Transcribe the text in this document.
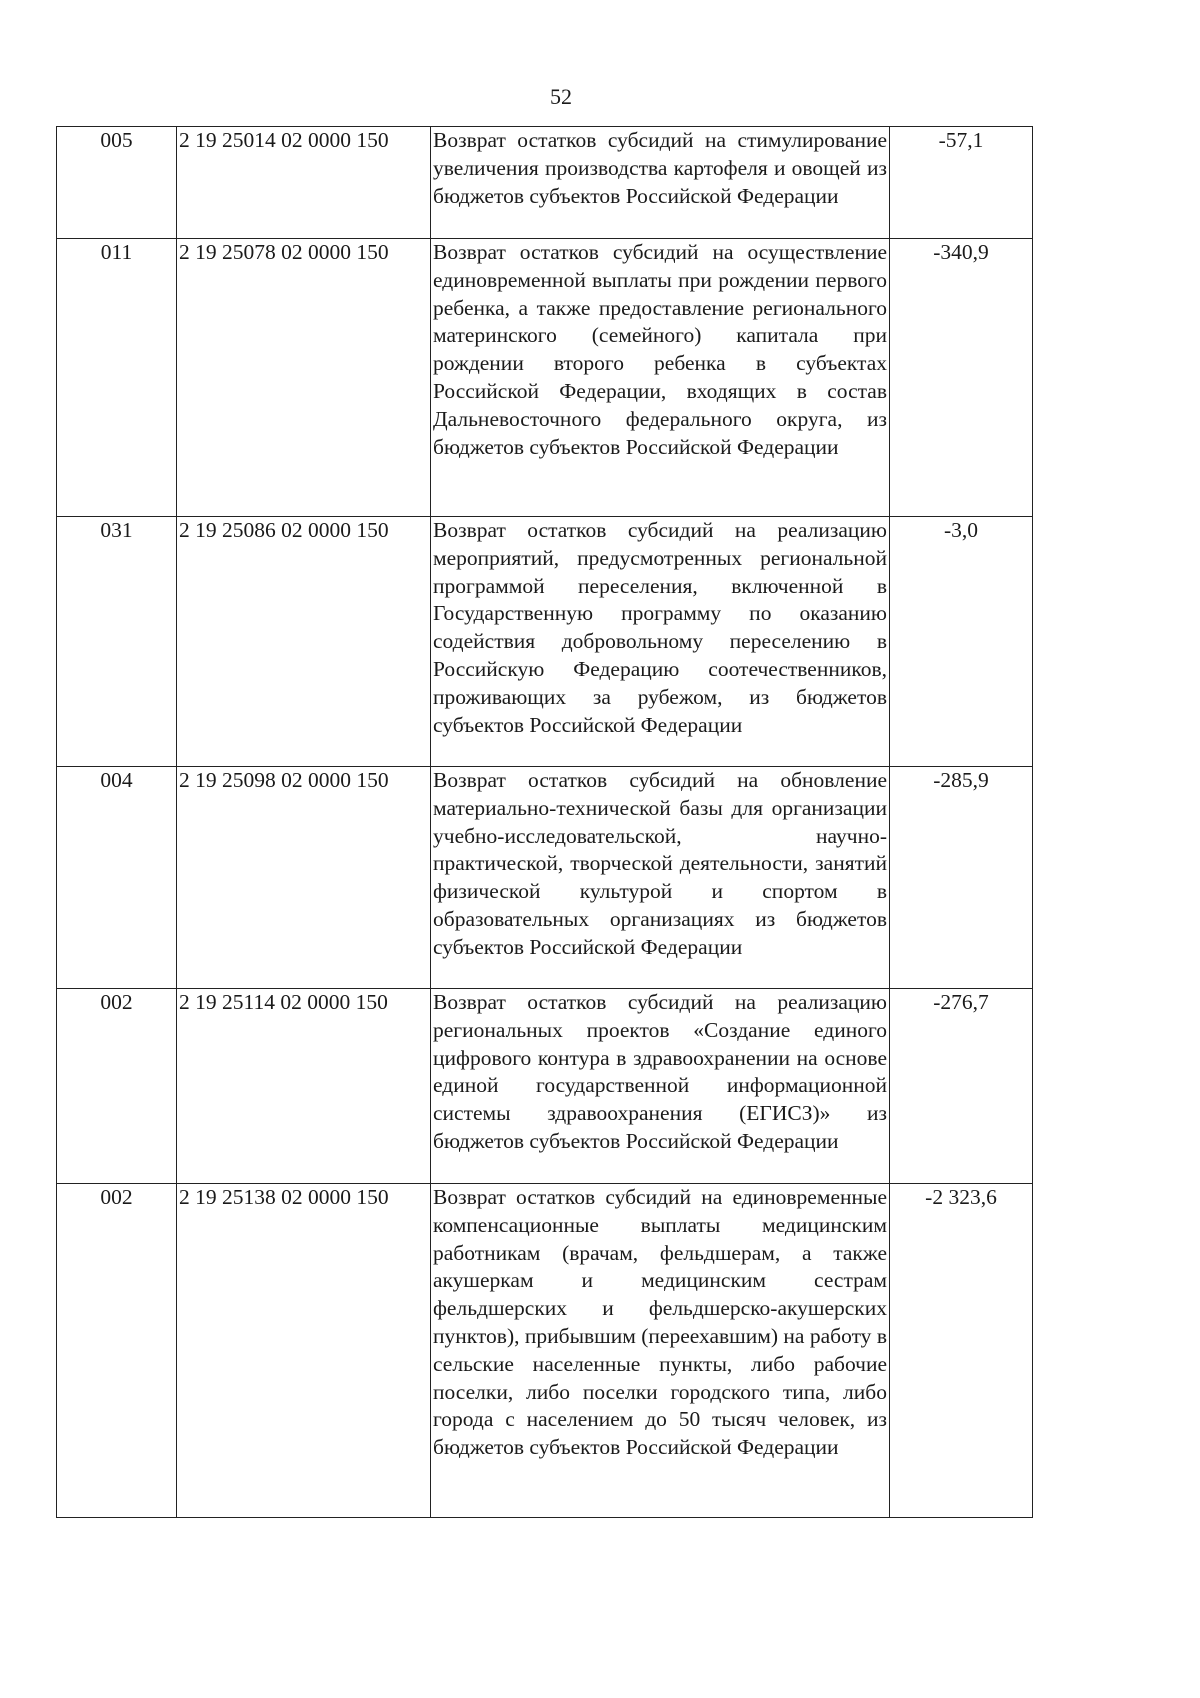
52
005	2 19 25014 02 0000 150	Возврат остатков субсидий на стимулирование увеличения производства картофеля и овощей из бюджетов субъектов Российской Федерации	-57,1
011	2 19 25078 02 0000 150	Возврат остатков субсидий на осуществление единовременной выплаты при рождении первого ребенка, а также предоставление регионального материнского (семейного) капитала при рождении второго ребенка в субъектах Российской Федерации, входящих в состав Дальневосточного федерального округа, из бюджетов субъектов Российской Федерации	-340,9
031	2 19 25086 02 0000 150	Возврат остатков субсидий на реализацию мероприятий, предусмотренных региональной программой переселения, включенной в Государственную программу по оказанию содействия добровольному переселению в Российскую Федерацию соотечественников, проживающих за рубежом, из бюджетов субъектов Российской Федерации	-3,0
004	2 19 25098 02 0000 150	Возврат остатков субсидий на обновление материально-технической базы для организации учебно-исследовательской, научно-практической, творческой деятельности, занятий физической культурой и спортом в образовательных организациях из бюджетов субъектов Российской Федерации	-285,9
002	2 19 25114 02 0000 150	Возврат остатков субсидий на реализацию региональных проектов «Создание единого цифрового контура в здравоохранении на основе единой государственной информационной системы здравоохранения (ЕГИСЗ)» из бюджетов субъектов Российской Федерации	-276,7
002	2 19 25138 02 0000 150	Возврат остатков субсидий на единовременные компенсационные выплаты медицинским работникам (врачам, фельдшерам, а также акушеркам и медицинским сестрам фельдшерских и фельдшерско-акушерских пунктов), прибывшим (переехавшим) на работу в сельские населенные пункты, либо рабочие поселки, либо поселки городского типа, либо города с населением до 50 тысяч человек, из бюджетов субъектов Российской Федерации	-2 323,6
